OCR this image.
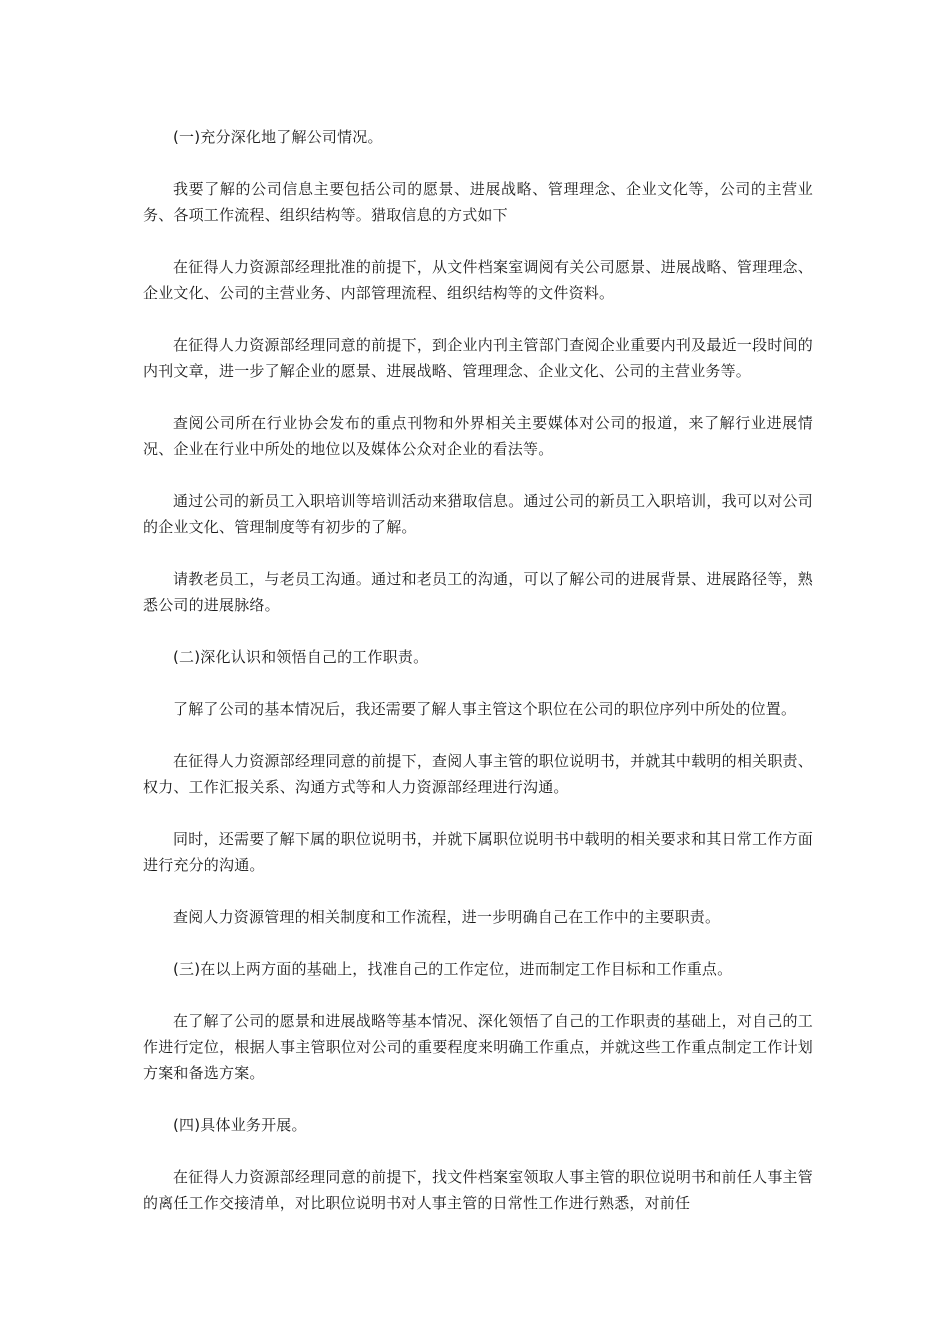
(一)充分深化地了解公司情况。

我要了解的公司信息主要包括公司的愿景、进展战略、管理理念、企业文化等，公司的主营业务、各项工作流程、组织结构等。猎取信息的方式如下

在征得人力资源部经理批准的前提下，从文件档案室调阅有关公司愿景、进展战略、管理理念、企业文化、公司的主营业务、内部管理流程、组织结构等的文件资料。

在征得人力资源部经理同意的前提下，到企业内刊主管部门查阅企业重要内刊及最近一段时间的内刊文章，进一步了解企业的愿景、进展战略、管理理念、企业文化、公司的主营业务等。

查阅公司所在行业协会发布的重点刊物和外界相关主要媒体对公司的报道，来了解行业进展情况、企业在行业中所处的地位以及媒体公众对企业的看法等。

通过公司的新员工入职培训等培训活动来猎取信息。通过公司的新员工入职培训，我可以对公司的企业文化、管理制度等有初步的了解。

请教老员工，与老员工沟通。通过和老员工的沟通，可以了解公司的进展背景、进展路径等，熟悉公司的进展脉络。

(二)深化认识和领悟自己的工作职责。

了解了公司的基本情况后，我还需要了解人事主管这个职位在公司的职位序列中所处的位置。

在征得人力资源部经理同意的前提下，查阅人事主管的职位说明书，并就其中载明的相关职责、权力、工作汇报关系、沟通方式等和人力资源部经理进行沟通。

同时，还需要了解下属的职位说明书，并就下属职位说明书中载明的相关要求和其日常工作方面进行充分的沟通。

查阅人力资源管理的相关制度和工作流程，进一步明确自己在工作中的主要职责。

(三)在以上两方面的基础上，找准自己的工作定位，进而制定工作目标和工作重点。

在了解了公司的愿景和进展战略等基本情况、深化领悟了自己的工作职责的基础上，对自己的工作进行定位，根据人事主管职位对公司的重要程度来明确工作重点，并就这些工作重点制定工作计划方案和备选方案。

(四)具体业务开展。

在征得人力资源部经理同意的前提下，找文件档案室领取人事主管的职位说明书和前任人事主管的离任工作交接清单，对比职位说明书对人事主管的日常性工作进行熟悉，对前任
